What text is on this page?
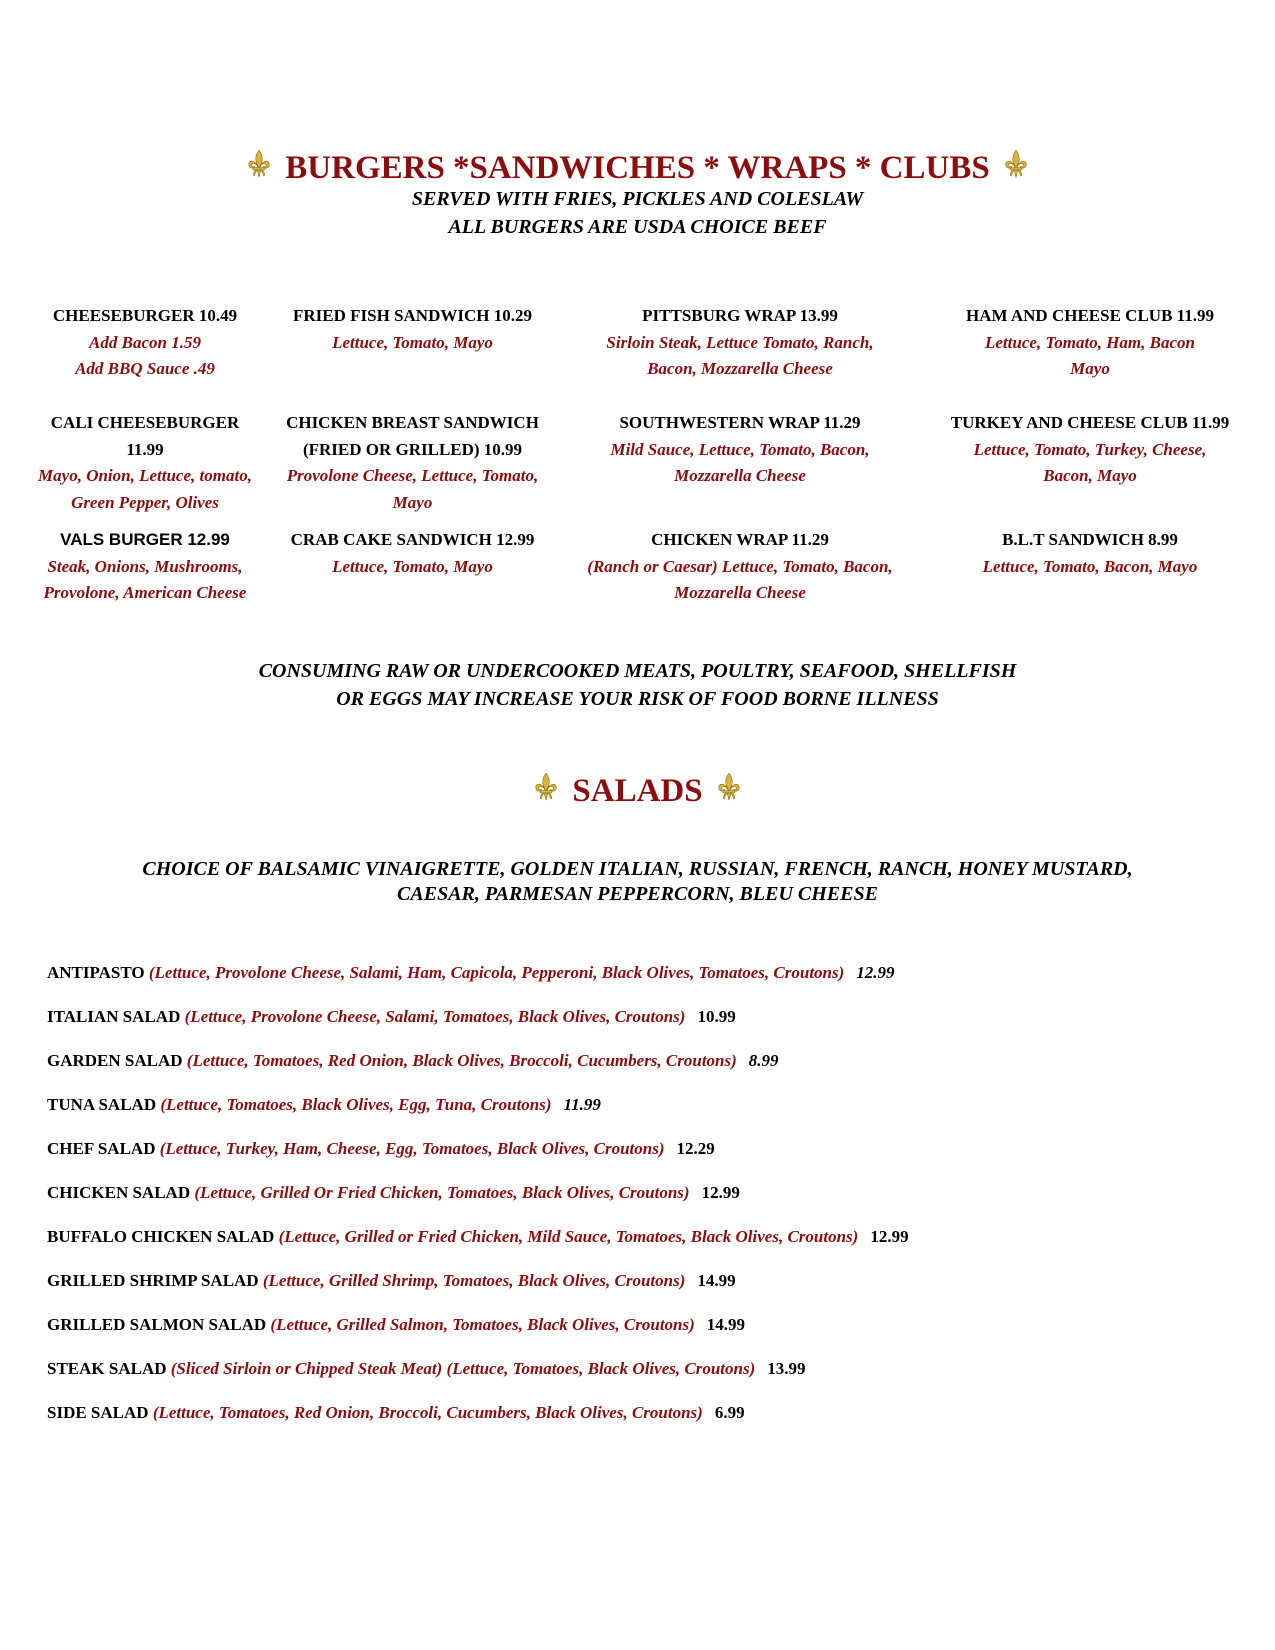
BURGERS *SANDWICHES * WRAPS * CLUBS
SERVED WITH FRIES, PICKLES AND COLESLAW
ALL BURGERS ARE USDA CHOICE BEEF
CHEESEBURGER 10.49
Add Bacon 1.59
Add BBQ Sauce .49
FRIED FISH SANDWICH 10.29
Lettuce, Tomato, Mayo
PITTSBURG WRAP 13.99
Sirloin Steak, Lettuce Tomato, Ranch,
Bacon, Mozzarella Cheese
HAM AND CHEESE CLUB 11.99
Lettuce, Tomato, Ham, Bacon
Mayo
CALI CHEESEBURGER
11.99
Mayo, Onion, Lettuce, tomato,
Green Pepper, Olives
CHICKEN BREAST SANDWICH
(FRIED OR GRILLED) 10.99
Provolone Cheese, Lettuce, Tomato,
Mayo
SOUTHWESTERN WRAP 11.29
Mild Sauce, Lettuce, Tomato, Bacon,
Mozzarella Cheese
TURKEY AND CHEESE CLUB 11.99
Lettuce, Tomato, Turkey, Cheese,
Bacon, Mayo
VALS BURGER 12.99
Steak, Onions, Mushrooms,
Provolone, American Cheese
CRAB CAKE SANDWICH 12.99
Lettuce, Tomato, Mayo
CHICKEN WRAP 11.29
(Ranch or Caesar) Lettuce, Tomato, Bacon,
Mozzarella Cheese
B.L.T SANDWICH 8.99
Lettuce, Tomato, Bacon, Mayo
CONSUMING RAW OR UNDERCOOKED MEATS, POULTRY, SEAFOOD, SHELLFISH
OR EGGS MAY INCREASE YOUR RISK OF FOOD BORNE ILLNESS
SALADS
CHOICE OF BALSAMIC VINAIGRETTE, GOLDEN ITALIAN, RUSSIAN, FRENCH, RANCH, HONEY MUSTARD,
CAESAR, PARMESAN PEPPERCORN, BLEU CHEESE
ANTIPASTO (Lettuce, Provolone Cheese, Salami, Ham, Capicola, Pepperoni, Black Olives, Tomatoes, Croutons) 12.99
ITALIAN SALAD (Lettuce, Provolone Cheese, Salami, Tomatoes, Black Olives, Croutons) 10.99
GARDEN SALAD (Lettuce, Tomatoes, Red Onion, Black Olives, Broccoli, Cucumbers, Croutons) 8.99
TUNA SALAD (Lettuce, Tomatoes, Black Olives, Egg, Tuna, Croutons) 11.99
CHEF SALAD (Lettuce, Turkey, Ham, Cheese, Egg, Tomatoes, Black Olives, Croutons) 12.29
CHICKEN SALAD (Lettuce, Grilled Or Fried Chicken, Tomatoes, Black Olives, Croutons) 12.99
BUFFALO CHICKEN SALAD (Lettuce, Grilled or Fried Chicken, Mild Sauce, Tomatoes, Black Olives, Croutons) 12.99
GRILLED SHRIMP SALAD (Lettuce, Grilled Shrimp, Tomatoes, Black Olives, Croutons) 14.99
GRILLED SALMON SALAD (Lettuce, Grilled Salmon, Tomatoes, Black Olives, Croutons) 14.99
STEAK SALAD (Sliced Sirloin or Chipped Steak Meat) (Lettuce, Tomatoes, Black Olives, Croutons) 13.99
SIDE SALAD (Lettuce, Tomatoes, Red Onion, Broccoli, Cucumbers, Black Olives, Croutons) 6.99
